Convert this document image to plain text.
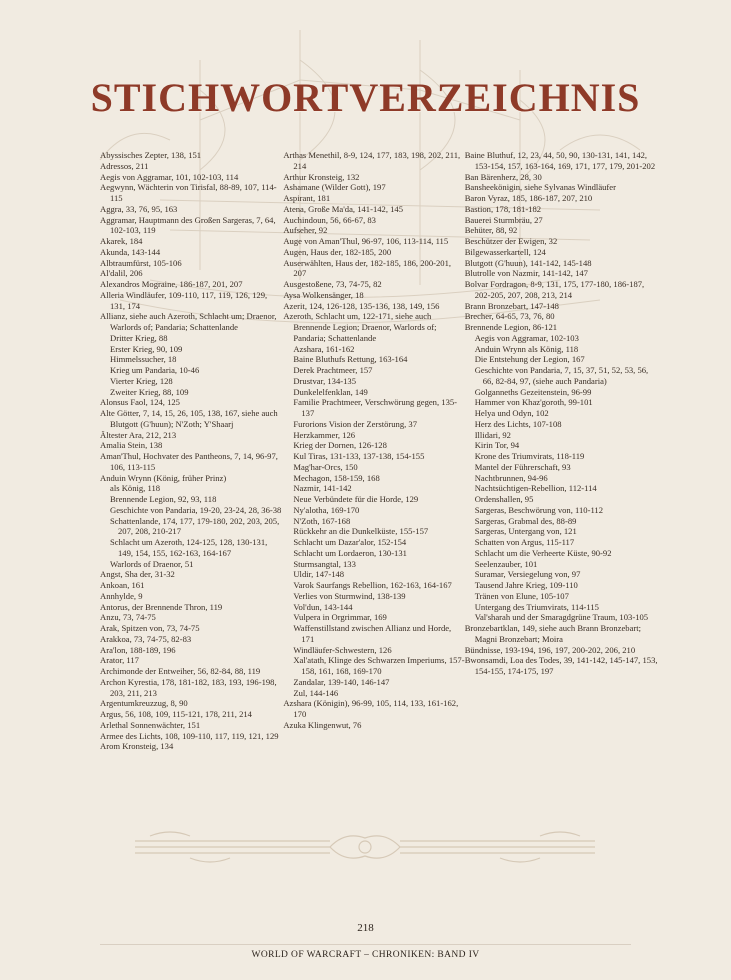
STICHWORTVERZEICHNIS
Abyssisches Zepter, 138, 151
Adressos, 211
Aegis von Aggramar, 101, 102-103, 114
Aegwynn, Wächterin von Tirisfal, 88-89, 107, 114-115
Aggra, 33, 76, 95, 163
Aggramar, Hauptmann des Großen Sargeras, 7, 64, 102-103, 119
Akarek, 184
Akunda, 143-144
Albtraumfürst, 105-106
Al'dalil, 206
Alexandros Mograine, 186-187, 201, 207
Alleria Windläufer, 109-110, 117, 119, 126, 129, 131, 174
Allianz, siehe auch Azeroth, Schlacht um; Draenor, Warlords of; Pandaria; Schattenlande
Dritter Krieg, 88
Erster Krieg, 90, 109
Himmelssucher, 18
Krieg um Pandaria, 10-46
Vierter Krieg, 128
Zweiter Krieg, 88, 109
Alonsus Faol, 124, 125
Alte Götter, 7, 14, 15, 26, 105, 138, 167, siehe auch Blutgott (G'huun); N'Zoth; Y'Shaarj
Ältester Ara, 212, 213
Amalia Stein, 138
Aman'Thul, Hochvater des Pantheons, 7, 14, 96-97, 106, 113-115
Anduin Wrynn (König, früher Prinz)
als König, 118
Brennende Legion, 92, 93, 118
Geschichte von Pandaria, 19-20, 23-24, 28, 36-38
Schattenlande, 174, 177, 179-180, 202, 203, 205, 207, 208, 210-217
Schlacht um Azeroth, 124-125, 128, 130-131, 149, 154, 155, 162-163, 164-167
Warlords of Draenor, 51
Angst, Sha der, 31-32
Ankoan, 161
Annhylde, 9
Antorus, der Brennende Thron, 119
Anzu, 73, 74-75
Arak, Spitzen von, 73, 74-75
Arakkoa, 73, 74-75, 82-83
Ara'lon, 188-189, 196
Arator, 117
Archimonde der Entweiher, 56, 82-84, 88, 119
Archon Kyrestia, 178, 181-182, 183, 193, 196-198, 203, 211, 213
Argentumkreuzzug, 8, 90
Argus, 56, 108, 109, 115-121, 178, 211, 214
Arlethal Sonnenwächter, 151
Armee des Lichts, 108, 109-110, 117, 119, 121, 129
Arom Kronsteig, 134
Arthas Menethil, 8-9, 124, 177, 183, 198, 202, 211, 214
Arthur Kronsteig, 132
Ashamane (Wilder Gott), 197
Aspirant, 181
Atena, Große Ma'da, 141-142, 145
Auchindoun, 56, 66-67, 83
Aufseher, 92
Auge von Aman'Thul, 96-97, 106, 113-114, 115
Augen, Haus der, 182-185, 200
Auserwählten, Haus der, 182-185, 186, 200-201, 207
Ausgestoßene, 73, 74-75, 82
Aysa Wolkensänger, 18
Azerit, 124, 126-128, 135-136, 138, 149, 156
Azeroth, Schlacht um, 122-171, siehe auch Brennende Legion; Draenor, Warlords of; Pandaria; Schattenlande
Azshara, 161-162
Baine Bluthufs Rettung, 163-164
Derek Prachtmeer, 157
Drustvar, 134-135
Dunkelelfenklan, 149
Familie Prachtmeer, Verschwörung gegen, 135-137
Furorions Vision der Zerstörung, 37
Herzkammer, 126
Krieg der Dornen, 126-128
Kul Tiras, 131-133, 137-138, 154-155
Mag'har-Orcs, 150
Mechagon, 158-159, 168
Nazmir, 141-142
Neue Verbündete für die Horde, 129
Ny'alotha, 169-170
N'Zoth, 167-168
Rückkehr an die Dunkelküste, 155-157
Schlacht um Dazar'alor, 152-154
Schlacht um Lordaeron, 130-131
Sturmsangtal, 133
Uldir, 147-148
Varok Saurfangs Rebellion, 162-163, 164-167
Verlies von Sturmwind, 138-139
Vol'dun, 143-144
Vulpera in Orgrimmar, 169
Waffenstillstand zwischen Allianz und Horde, 171
Windläufer-Schwestern, 126
Xal'atath, Klinge des Schwarzen Imperiums, 157-158, 161, 168, 169-170
Zandalar, 139-140, 146-147
Zul, 144-146
Azshara (Königin), 96-99, 105, 114, 133, 161-162, 170
Azuka Klingenwut, 76
Baine Bluthuf, 12, 23, 44, 50, 90, 130-131, 141, 142, 153-154, 157, 163-164, 169, 171, 177, 179, 201-202
Ban Bärenherz, 28, 30
Bansheekönigin, siehe Sylvanas Windläufer
Baron Vyraz, 185, 186-187, 207, 210
Bastion, 178, 181-182
Bauerei Sturmbräu, 27
Behüter, 88, 92
Beschützer der Ewigen, 32
Bilgewasserkartell, 124
Blutgott (G'huun), 141-142, 145-148
Blutrolle von Nazmir, 141-142, 147
Bolvar Fordragon, 8-9, 131, 175, 177-180, 186-187, 202-205, 207, 208, 213, 214
Brann Bronzebart, 147-148
Brecher, 64-65, 73, 76, 80
Brennende Legion, 86-121
Aegis von Aggramar, 102-103
Anduin Wrynn als König, 118
Die Entstehung der Legion, 167
Geschichte von Pandaria, 7, 15, 37, 51, 52, 53, 56, 66, 82-84, 97, (siehe auch Pandaria)
Golganneths Gezeitenstein, 96-99
Hammer von Khaz'goroth, 99-101
Helya und Odyn, 102
Herz des Lichts, 107-108
Illidari, 92
Kirin Tor, 94
Krone des Triumvirats, 118-119
Mantel der Führerschaft, 93
Nachtbrunnen, 94-96
Nachtsüchtigen-Rebellion, 112-114
Ordenshallen, 95
Sargeras, Beschwörung von, 110-112
Sargeras, Grabmal des, 88-89
Sargeras, Untergang von, 121
Schatten von Argus, 115-117
Schlacht um die Verheerte Küste, 90-92
Seelenzauber, 101
Suramar, Versiegelung von, 97
Tausend Jahre Krieg, 109-110
Tränen von Elune, 105-107
Untergang des Triumvirats, 114-115
Val'sharah und der Smaragdgrüne Traum, 103-105
Bronzebartklan, 149, siehe auch Brann Bronzebart; Magni Bronzebart; Moira
Bündnisse, 193-194, 196, 197, 200-202, 206, 210
Bwonsamdi, Loa des Todes, 39, 141-142, 145-147, 153, 154-155, 174-175, 197
218
WORLD OF WARCRAFT – CHRONIKEN: BAND IV
